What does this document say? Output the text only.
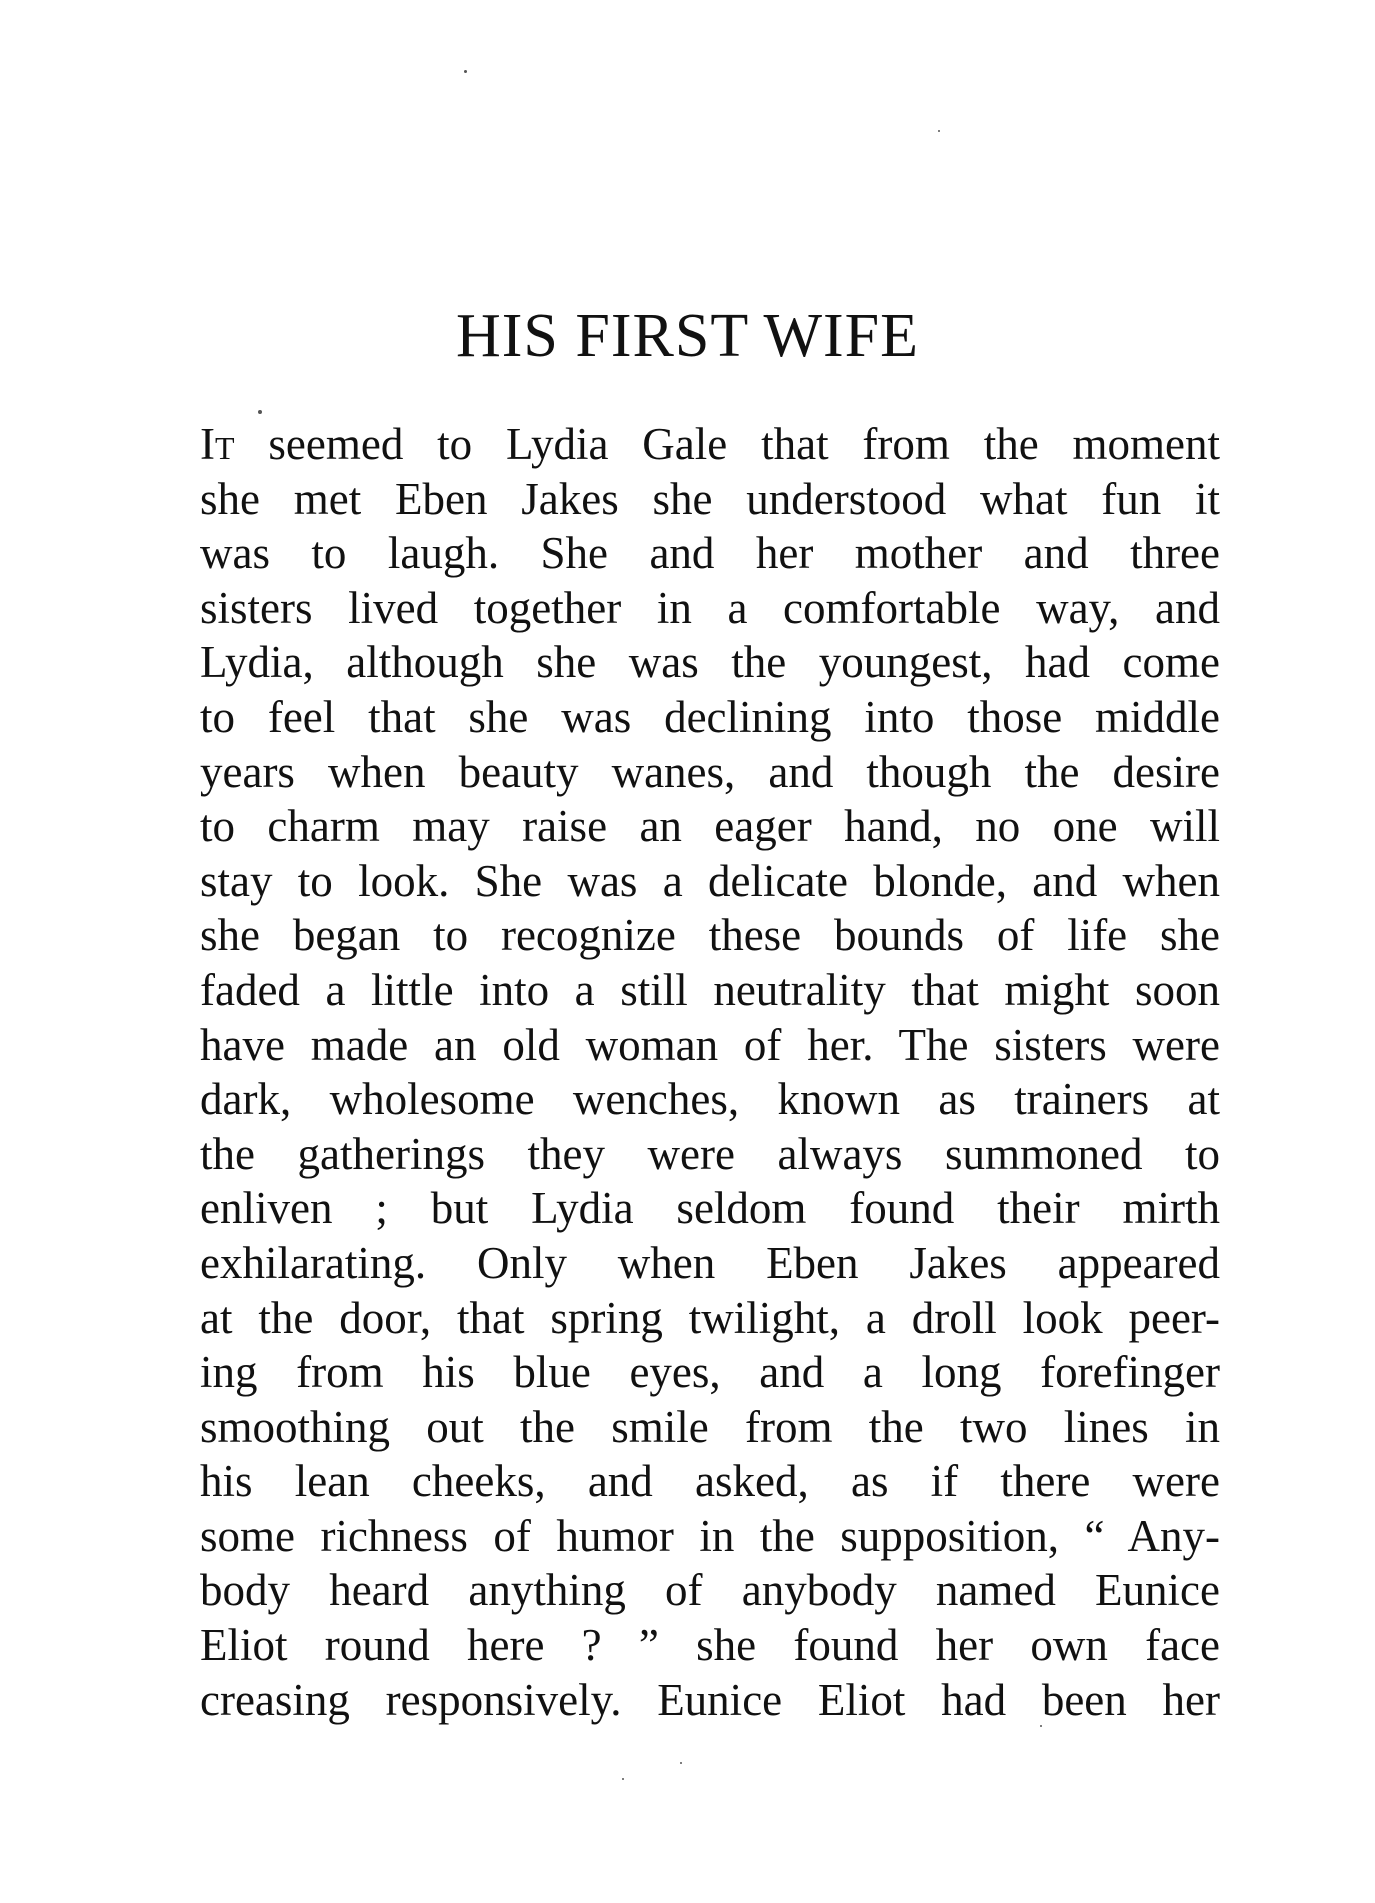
HIS FIRST WIFE
It seemed to Lydia Gale that from the moment
she met Eben Jakes she understood what fun it
was to laugh. She and her mother and three
sisters lived together in a comfortable way, and
Lydia, although she was the youngest, had come
to feel that she was declining into those middle
years when beauty wanes, and though the desire
to charm may raise an eager hand, no one will
stay to look. She was a delicate blonde, and when
she began to recognize these bounds of life she
faded a little into a still neutrality that might soon
have made an old woman of her. The sisters were
dark, wholesome wenches, known as trainers at
the gatherings they were always summoned to
enliven ; but Lydia seldom found their mirth
exhilarating. Only when Eben Jakes appeared
at the door, that spring twilight, a droll look peer-
ing from his blue eyes, and a long forefinger
smoothing out the smile from the two lines in
his lean cheeks, and asked, as if there were
some richness of humor in the supposition, “ Any-
body heard anything of anybody named Eunice
Eliot round here ? ” she found her own face
creasing responsively. Eunice Eliot had been her
